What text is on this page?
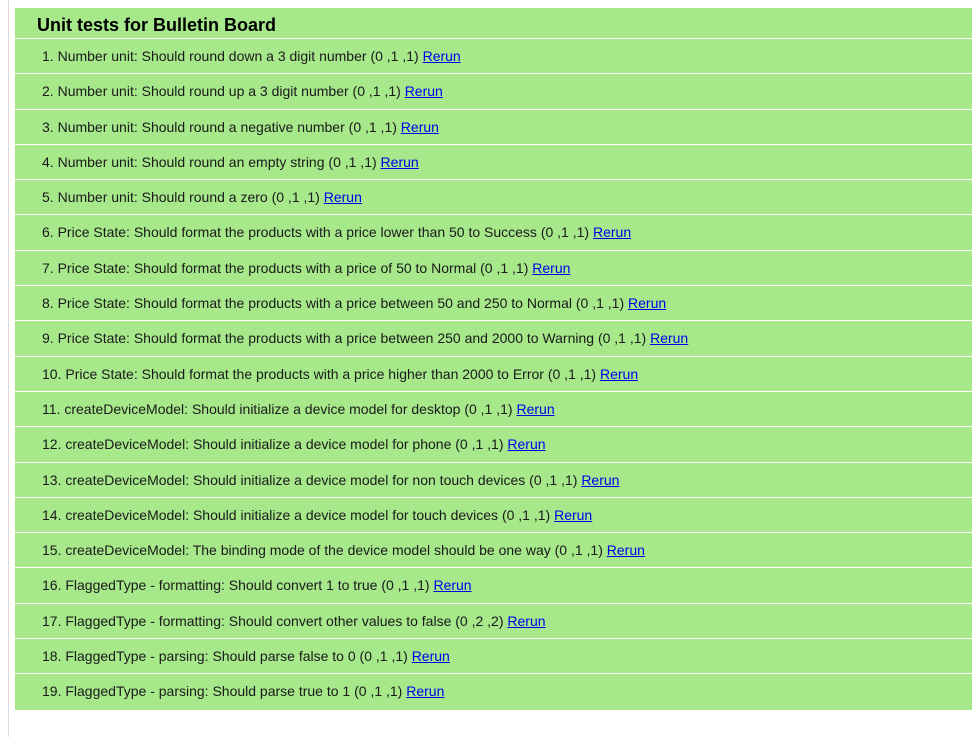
Unit tests for Bulletin Board
1. Number unit: Should round down a 3 digit number (0 ,1 ,1) Rerun
2. Number unit: Should round up a 3 digit number (0 ,1 ,1) Rerun
3. Number unit: Should round a negative number (0 ,1 ,1) Rerun
4. Number unit: Should round an empty string (0 ,1 ,1) Rerun
5. Number unit: Should round a zero (0 ,1 ,1) Rerun
6. Price State: Should format the products with a price lower than 50 to Success (0 ,1 ,1) Rerun
7. Price State: Should format the products with a price of 50 to Normal (0 ,1 ,1) Rerun
8. Price State: Should format the products with a price between 50 and 250 to Normal (0 ,1 ,1) Rerun
9. Price State: Should format the products with a price between 250 and 2000 to Warning (0 ,1 ,1) Rerun
10. Price State: Should format the products with a price higher than 2000 to Error (0 ,1 ,1) Rerun
11. createDeviceModel: Should initialize a device model for desktop (0 ,1 ,1) Rerun
12. createDeviceModel: Should initialize a device model for phone (0 ,1 ,1) Rerun
13. createDeviceModel: Should initialize a device model for non touch devices (0 ,1 ,1) Rerun
14. createDeviceModel: Should initialize a device model for touch devices (0 ,1 ,1) Rerun
15. createDeviceModel: The binding mode of the device model should be one way (0 ,1 ,1) Rerun
16. FlaggedType - formatting: Should convert 1 to true (0 ,1 ,1) Rerun
17. FlaggedType - formatting: Should convert other values to false (0 ,2 ,2) Rerun
18. FlaggedType - parsing: Should parse false to 0 (0 ,1 ,1) Rerun
19. FlaggedType - parsing: Should parse true to 1 (0 ,1 ,1) Rerun
